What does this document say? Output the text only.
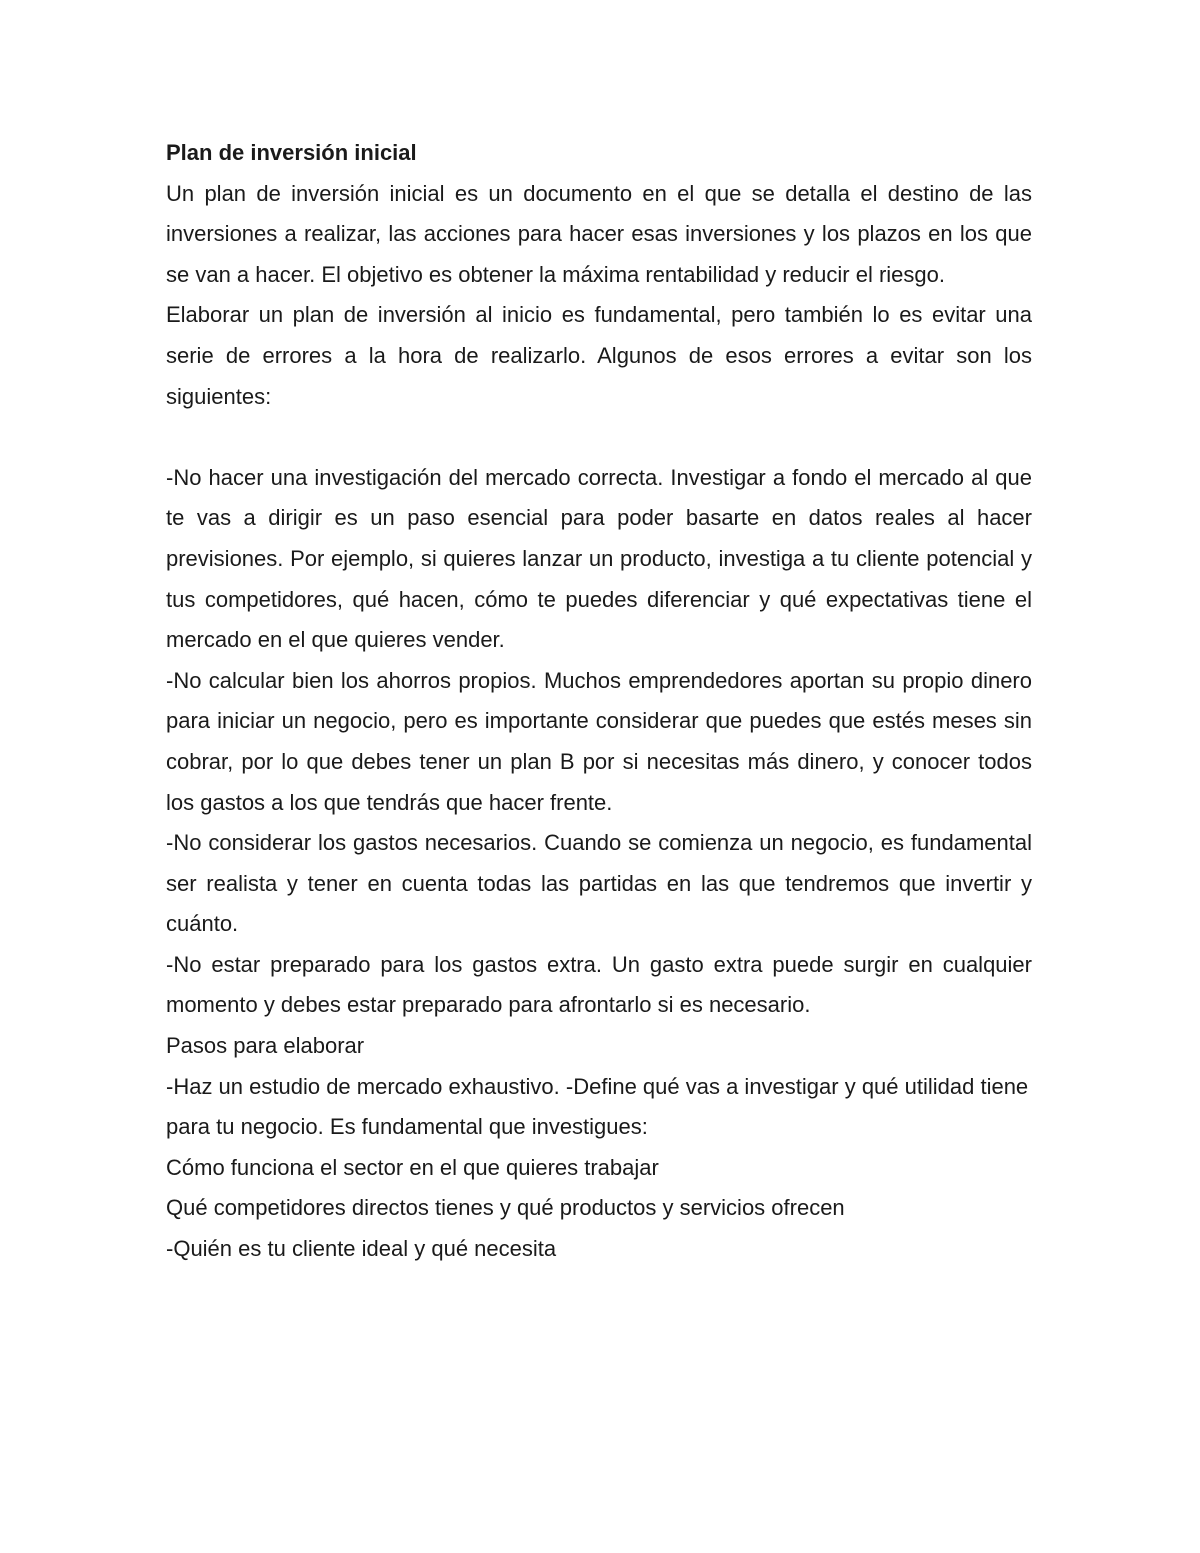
Plan de inversión inicial

Un plan de inversión inicial es un documento en el que se detalla el destino de las inversiones a realizar, las acciones para hacer esas inversiones y los plazos en los que se van a hacer. El objetivo es obtener la máxima rentabilidad y reducir el riesgo.

Elaborar un plan de inversión al inicio es fundamental, pero también lo es evitar una serie de errores a la hora de realizarlo. Algunos de esos errores a evitar son los siguientes:

-No hacer una investigación del mercado correcta. Investigar a fondo el mercado al que te vas a dirigir es un paso esencial para poder basarte en datos reales al hacer previsiones. Por ejemplo, si quieres lanzar un producto, investiga a tu cliente potencial y tus competidores, qué hacen, cómo te puedes diferenciar y qué expectativas tiene el mercado en el que quieres vender.

-No calcular bien los ahorros propios. Muchos emprendedores aportan su propio dinero para iniciar un negocio, pero es importante considerar que puedes que estés meses sin cobrar, por lo que debes tener un plan B por si necesitas más dinero, y conocer todos los gastos a los que tendrás que hacer frente.

-No considerar los gastos necesarios. Cuando se comienza un negocio, es fundamental ser realista y tener en cuenta todas las partidas en las que tendremos que invertir y cuánto.

-No estar preparado para los gastos extra. Un gasto extra puede surgir en cualquier momento y debes estar preparado para afrontarlo si es necesario.

Pasos para elaborar

-Haz un estudio de mercado exhaustivo. -Define qué vas a investigar y qué utilidad tiene para tu negocio. Es fundamental que investigues:

Cómo funciona el sector en el que quieres trabajar

Qué competidores directos tienes y qué productos y servicios ofrecen

-Quién es tu cliente ideal y qué necesita
